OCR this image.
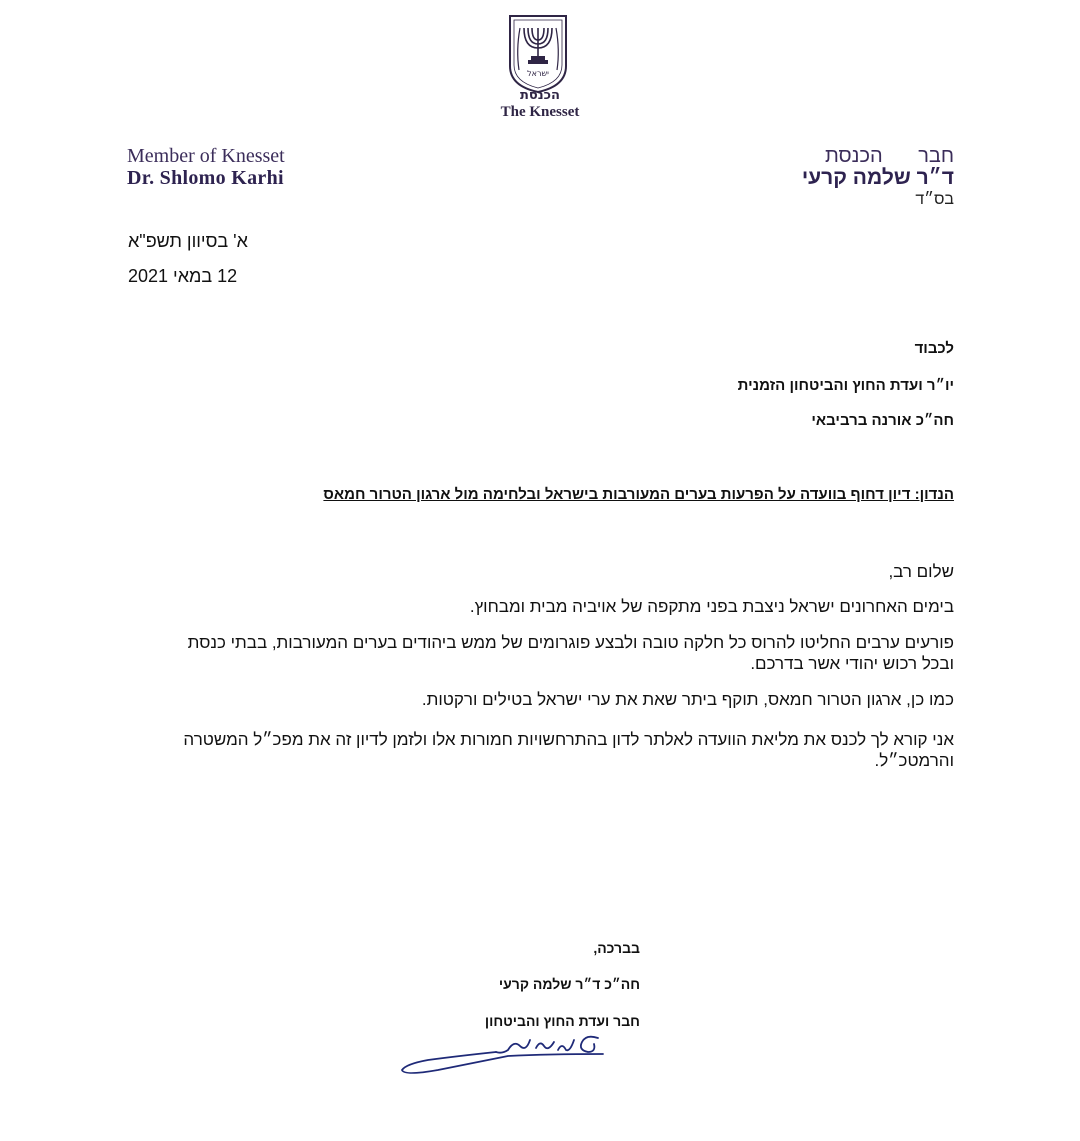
ישראל
הכנסת
The Knesset
Member of Knesset
Dr. Shlomo Karhi
חבר הכנסת
ד״ר שלמה קרעי
בס״ד
א' בסיוון תשפ"א
12 במאי 2021
לכבוד
יו״ר ועדת החוץ והביטחון הזמנית
חה״כ אורנה ברביבאי
הנדון: דיון דחוף בוועדה על הפרעות בערים המעורבות בישראל ובלחימה מול ארגון הטרור חמאס
שלום רב,
בימים האחרונים ישראל ניצבת בפני מתקפה של אויביה מבית ומבחוץ.
פורעים ערבים החליטו להרוס כל חלקה טובה ולבצע פוגרומים של ממש ביהודים בערים המעורבות, בבתי כנסת ובכל רכוש יהודי אשר בדרכם.
כמו כן, ארגון הטרור חמאס, תוקף ביתר שאת את ערי ישראל בטילים ורקטות.
אני קורא לך לכנס את מליאת הוועדה לאלתר לדון בהתרחשויות חמורות אלו ולזמן לדיון זה את מפכ״ל המשטרה והרמטכ״ל.
בברכה,
חה״כ ד״ר שלמה קרעי
חבר ועדת החוץ והביטחון
